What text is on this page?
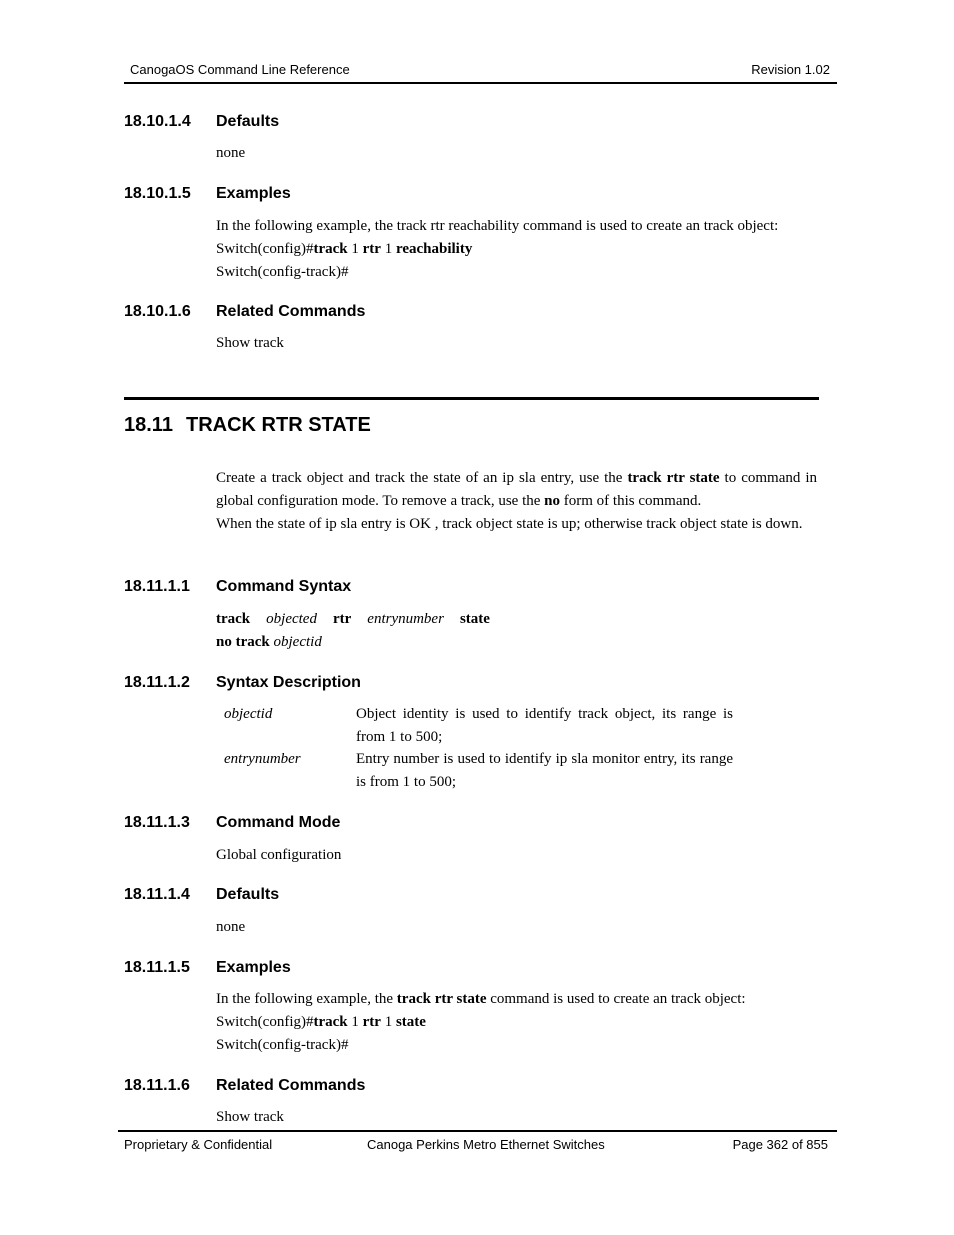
CanogaOS Command Line Reference	Revision 1.02
18.10.1.4 Defaults
none
18.10.1.5 Examples
In the following example, the track rtr reachability command is used to create an track object:
Switch(config)#track 1 rtr 1 reachability
Switch(config-track)#
18.10.1.6 Related Commands
Show track
18.11 TRACK RTR STATE
Create a track object and track the state of an ip sla entry, use the track rtr state to command in global configuration mode. To remove a track, use the no form of this command.
When the state of ip sla entry is OK , track object state is up; otherwise track object state is down.
18.11.1.1 Command Syntax
track objected rtr entrynumber state
no track objectid
18.11.1.2 Syntax Description
objectid	Object identity is used to identify track object, its range is from 1 to 500;
entrynumber	Entry number is used to identify ip sla monitor entry, its range is from 1 to 500;
18.11.1.3 Command Mode
Global configuration
18.11.1.4 Defaults
none
18.11.1.5 Examples
In the following example, the track rtr state command is used to create an track object:
Switch(config)#track 1 rtr 1 state
Switch(config-track)#
18.11.1.6 Related Commands
Show track
Proprietary & Confidential	Canoga Perkins Metro Ethernet Switches	Page 362 of 855
